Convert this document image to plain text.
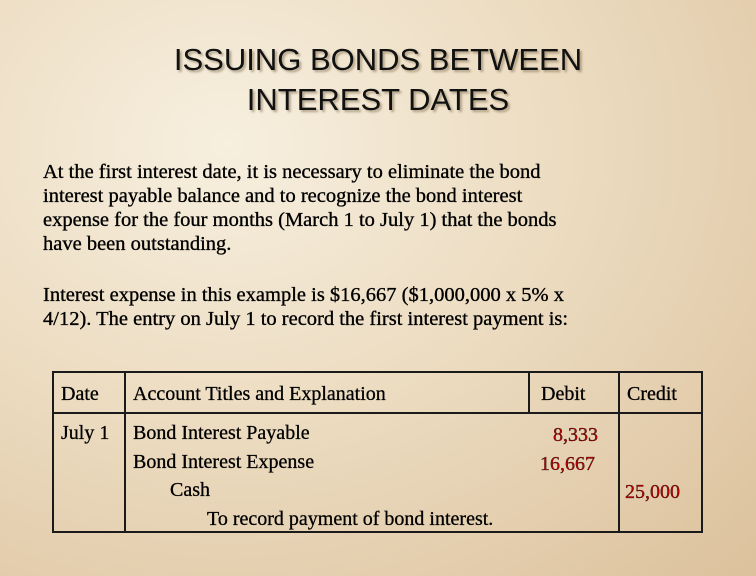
ISSUING BONDS BETWEEN
INTEREST DATES

At the first interest date, it is necessary to eliminate the bond
interest payable balance and to recognize the bond interest
expense for the four months (March 1 to July 1) that the bonds
have been outstanding.

Interest expense in this example is $16,667 ($1,000,000 x 5% x
4/12). The entry on July 1 to record the first interest payment is:

Date Account Titles and Explanation	Debit Credit
July 1 Bond Interest Payable
Bond Interest Expense
Cash
To record payment of bond interest.
8,333
16,667
25,000
